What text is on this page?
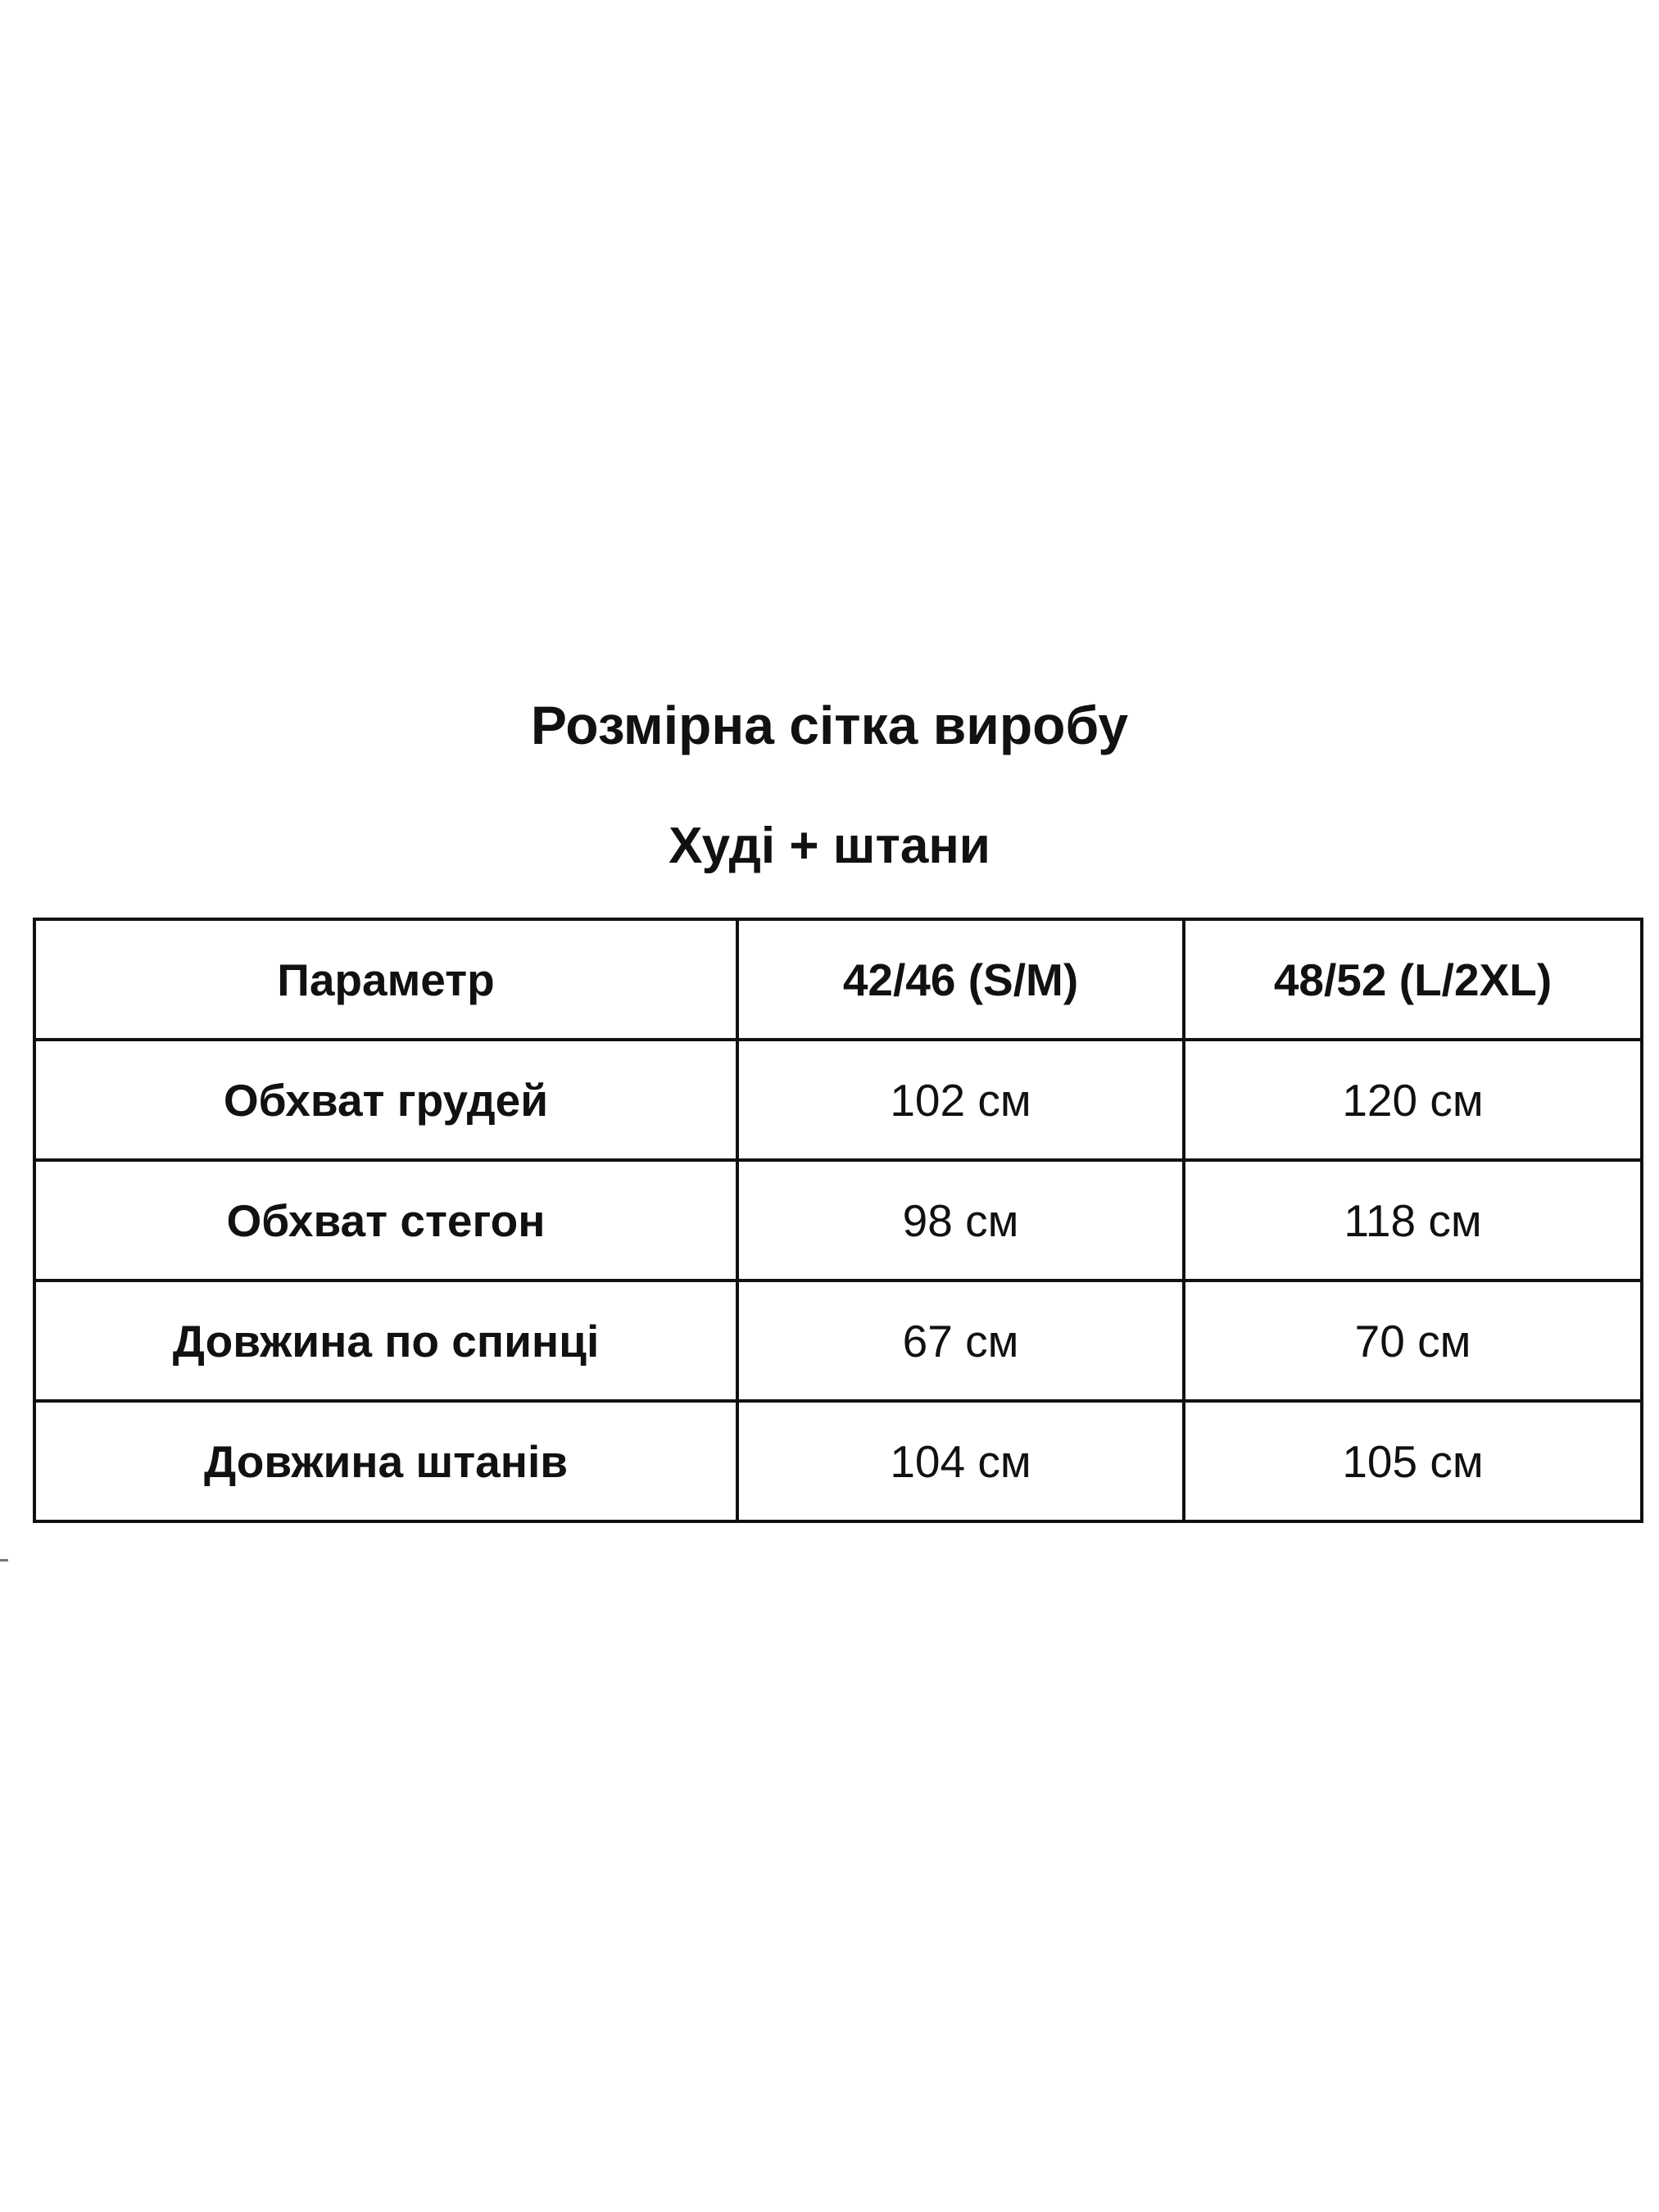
Розмірна сітка виробу
Худі + штани
Параметр	42/46 (S/M)	48/52 (L/2XL)
Обхват грудей	102 см	120 см
Обхват стегон	98 см	118 см
Довжина по спинці	67 см	70 см
Довжина штанів	104 см	105 см
